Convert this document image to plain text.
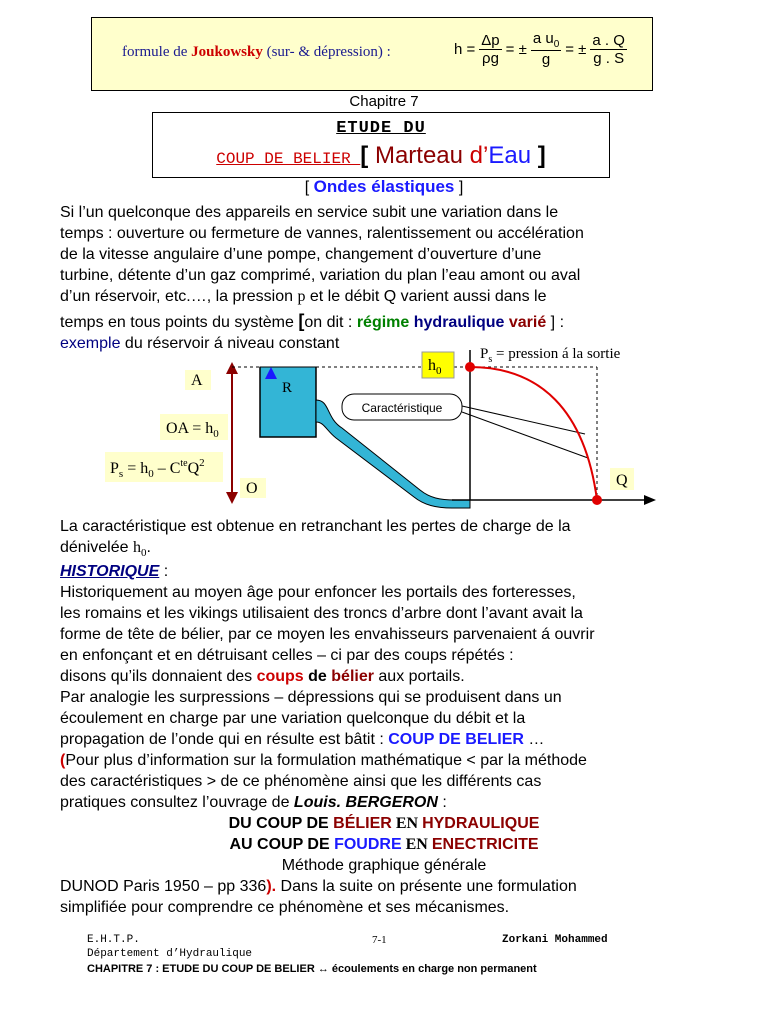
formule de Joukowsky (sur- & dépression) :	$h = \frac{\Delta p}{\rho g}$ = ± $\frac{a u_0}{g}$ = ± $\frac{a . Q}{g . S}$
Chapitre 7
ETUDE DU
COUP DE BELIER [ Marteau d’Eau ]
[ Ondes élastiques ]
Si l’un quelconque des appareils en service subit une variation dans le
temps : ouverture ou fermeture de vannes, ralentissement ou accélération
de la vitesse angulaire d’une pompe, changement d’ouverture d’une
turbine, détente d’un gaz comprimé, variation du plan l’eau amont ou aval
d’un réservoir, etc.…, la pression p et le débit Q varient aussi dans le
temps en tous points du système [on dit : régime hydraulique varié ] :
exemple du réservoir á niveau constant
A
O
OA = $h_0$
$P_s = h_0 - C^{te}Q^2$
R
Caractéristique
$h_0$
$P_s$ = pression á la sortie
Q
La caractéristique est obtenue en retranchant les pertes de charge de la
dénivelée $h_0$.
HISTORIQUE :
Historiquement au moyen âge pour enfoncer les portails des forteresses,
les romains et les vikings utilisaient des troncs d’arbre dont l’avant avait la
forme de tête de bélier, par ce moyen les envahisseurs parvenaient á ouvrir
en enfonçant et en détruisant celles – ci par des coups répétés :
disons qu’ils donnaient des coups de bélier aux portails.
Par analogie les surpressions – dépressions qui se produisent dans un
écoulement en charge par une variation quelconque du débit et la
propagation de l’onde qui en résulte est bâtit : COUP DE BELIER …
(Pour plus d’information sur la formulation mathématique < par la méthode
des caractéristiques > de ce phénomène ainsi que les différents cas
pratiques consultez l’ouvrage de Louis. BERGERON :
DU COUP DE BÉLIER EN HYDRAULIQUE
AU COUP DE FOUDRE EN ENECTRICITE
Méthode graphique générale
DUNOD Paris 1950 – pp 336). Dans la suite on présente une formulation
simplifiée pour comprendre ce phénomène et ses mécanismes.
E.H.T.P.	7-1	Zorkani Mohammed
Département d’Hydraulique
CHAPITRE 7 : ETUDE DU COUP DE BELIER ↔ écoulements en charge non permanent
